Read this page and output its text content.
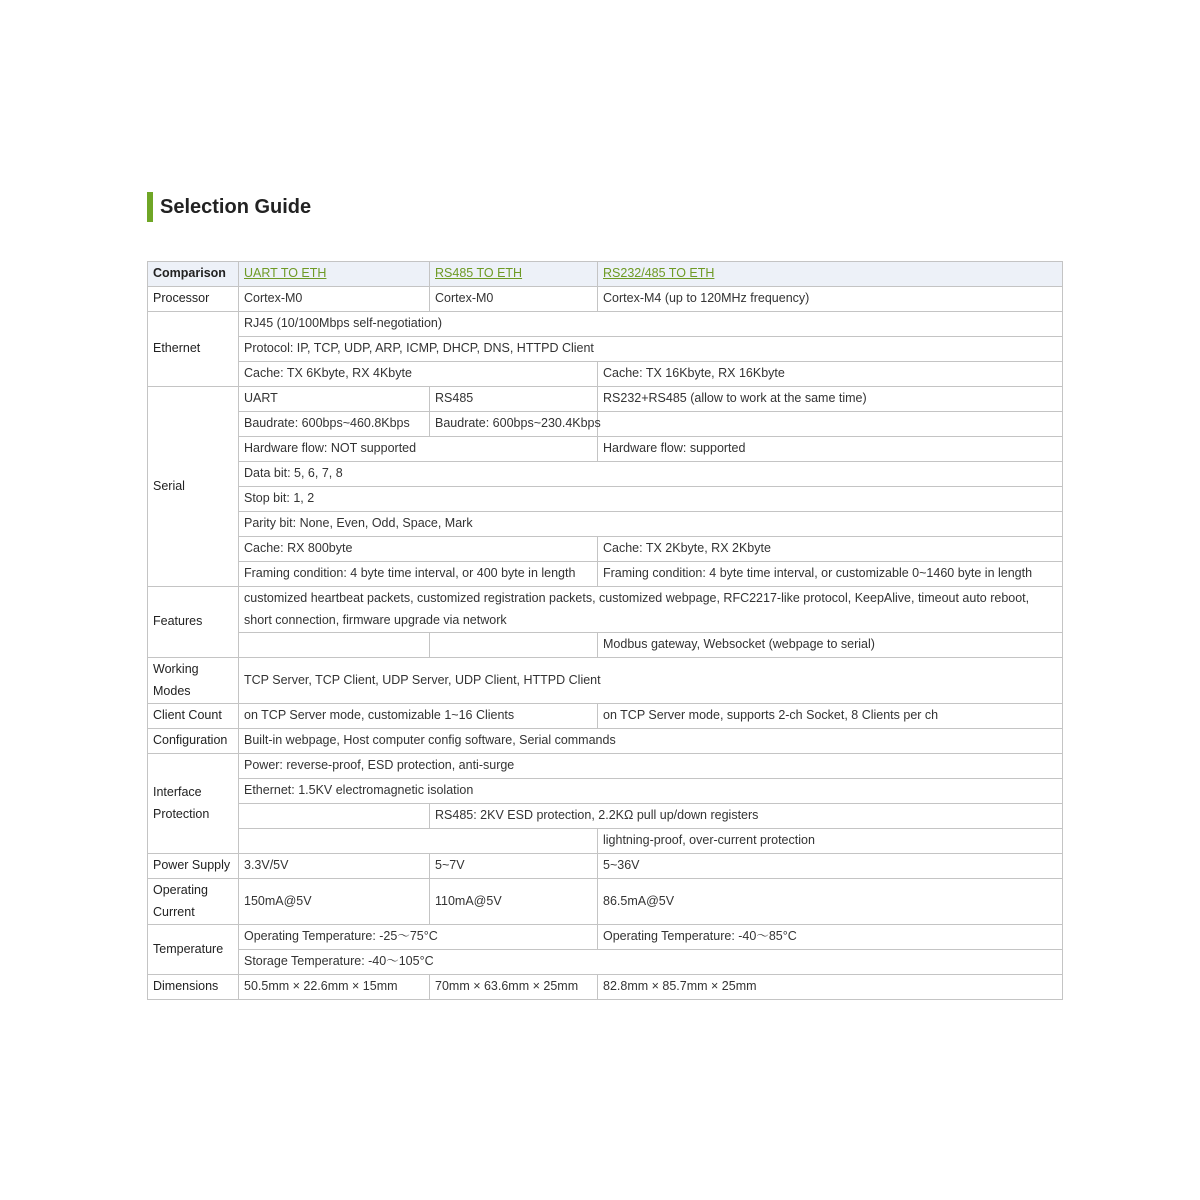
Selection Guide
Comparison	UART TO ETH	RS485 TO ETH	RS232/485 TO ETH
Processor	Cortex-M0	Cortex-M0	Cortex-M4 (up to 120MHz frequency)
Ethernet	RJ45 (10/100Mbps self-negotiation)		
	Protocol: IP, TCP, UDP, ARP, ICMP, DHCP, DNS, HTTPD Client		
	Cache: TX 6Kbyte, RX 4Kbyte		Cache: TX 16Kbyte, RX 16Kbyte
Serial	UART	RS485	RS232+RS485 (allow to work at the same time)
	Baudrate: 600bps~460.8Kbps	Baudrate: 600bps~230.4Kbps	
	Hardware flow: NOT supported		Hardware flow: supported
	Data bit: 5, 6, 7, 8		
	Stop bit: 1, 2		
	Parity bit: None, Even, Odd, Space, Mark		
	Cache: RX 800byte		Cache: TX 2Kbyte, RX 2Kbyte
	Framing condition: 4 byte time interval, or 400 byte in length		Framing condition: 4 byte time interval, or customizable 0~1460 byte in length
Features	customized heartbeat packets, customized registration packets, customized webpage, RFC2217-like protocol, KeepAlive, timeout auto reboot, short connection, firmware upgrade via network		
			Modbus gateway, Websocket (webpage to serial)
Working Modes	TCP Server, TCP Client, UDP Server, UDP Client, HTTPD Client		
Client Count	on TCP Server mode, customizable 1~16 Clients		on TCP Server mode, supports 2-ch Socket, 8 Clients per ch
Configuration	Built-in webpage, Host computer config software, Serial commands		
Interface Protection	Power: reverse-proof, ESD protection, anti-surge		
	Ethernet: 1.5KV electromagnetic isolation		
		RS485: 2KV ESD protection, 2.2KΩ pull up/down registers	
			lightning-proof, over-current protection
Power Supply	3.3V/5V	5~7V	5~36V
Operating Current	150mA@5V	110mA@5V	86.5mA@5V
Temperature	Operating Temperature: -25～75°C		Operating Temperature: -40～85°C
	Storage Temperature: -40～105°C		
Dimensions	50.5mm × 22.6mm × 15mm	70mm × 63.6mm × 25mm	82.8mm × 85.7mm × 25mm
